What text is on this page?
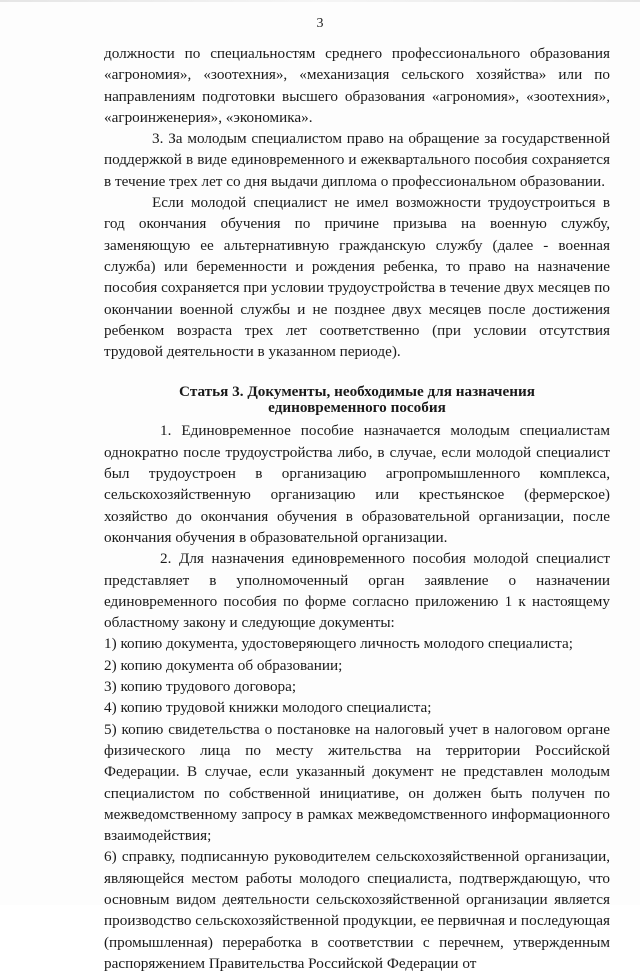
3

должности по специальностям среднего профессионального образования «агрономия», «зоотехния», «механизация сельского хозяйства» или по направлениям подготовки высшего образования «агрономия», «зоотехния», «агроинженерия», «экономика».

3. За молодым специалистом право на обращение за государственной поддержкой в виде единовременного и ежеквартального пособия сохраняется в течение трех лет со дня выдачи диплома о профессиональном образовании.

Если молодой специалист не имел возможности трудоустроиться в год окончания обучения по причине призыва на военную службу, заменяющую ее альтернативную гражданскую службу (далее - военная служба) или беременности и рождения ребенка, то право на назначение пособия сохраняется при условии трудоустройства в течение двух месяцев по окончании военной службы и не позднее двух месяцев после достижения ребенком возраста трех лет соответственно (при условии отсутствия трудовой деятельности в указанном периоде).

Статья 3. Документы, необходимые для назначения
единовременного пособия

1. Единовременное пособие назначается молодым специалистам однократно после трудоустройства либо, в случае, если молодой специалист был трудоустроен в организацию агропромышленного комплекса, сельскохозяйственную организацию или крестьянское (фермерское) хозяйство до окончания обучения в образовательной организации, после окончания обучения в образовательной организации.

2. Для назначения единовременного пособия молодой специалист представляет в уполномоченный орган заявление о назначении единовременного пособия по форме согласно приложению 1 к настоящему областному закону и следующие документы:

1) копию документа, удостоверяющего личность молодого специалиста;

2) копию документа об образовании;

3) копию трудового договора;

4) копию трудовой книжки молодого специалиста;

5) копию свидетельства о постановке на налоговый учет в налоговом органе физического лица по месту жительства на территории Российской Федерации. В случае, если указанный документ не представлен молодым специалистом по собственной инициативе, он должен быть получен по межведомственному запросу в рамках межведомственного информационного взаимодействия;

6) справку, подписанную руководителем сельскохозяйственной организации, являющейся местом работы молодого специалиста, подтверждающую, что основным видом деятельности сельскохозяйственной организации является производство сельскохозяйственной продукции, ее первичная и последующая (промышленная) переработка в соответствии с перечнем, утвержденным распоряжением Правительства Российской Федерации от
